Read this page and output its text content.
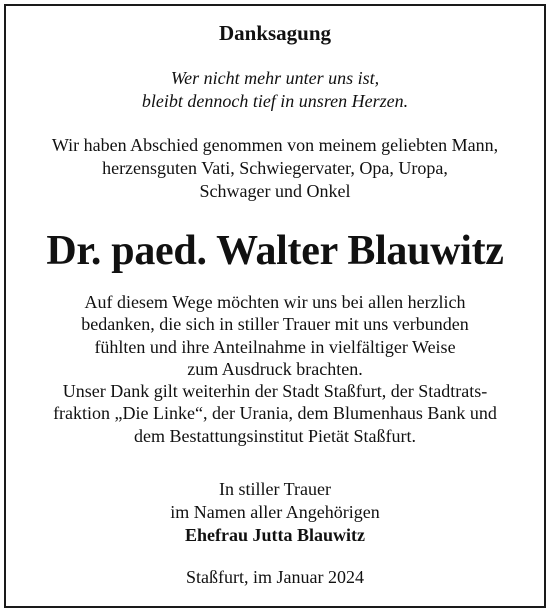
Danksagung
Wer nicht mehr unter uns ist,
bleibt dennoch tief in unsren Herzen.
Wir haben Abschied genommen von meinem geliebten Mann,
herzensguten Vati, Schwiegervater, Opa, Uropa,
Schwager und Onkel
Dr. paed. Walter Blauwitz
Auf diesem Wege möchten wir uns bei allen herzlich
bedanken, die sich in stiller Trauer mit uns verbunden
fühlten und ihre Anteilnahme in vielfältiger Weise
zum Ausdruck brachten.
Unser Dank gilt weiterhin der Stadt Staßfurt, der Stadtrats-
fraktion „Die Linke“, der Urania, dem Blumenhaus Bank und
dem Bestattungsinstitut Pietät Staßfurt.
In stiller Trauer
im Namen aller Angehörigen
Ehefrau Jutta Blauwitz
Staßfurt, im Januar 2024
